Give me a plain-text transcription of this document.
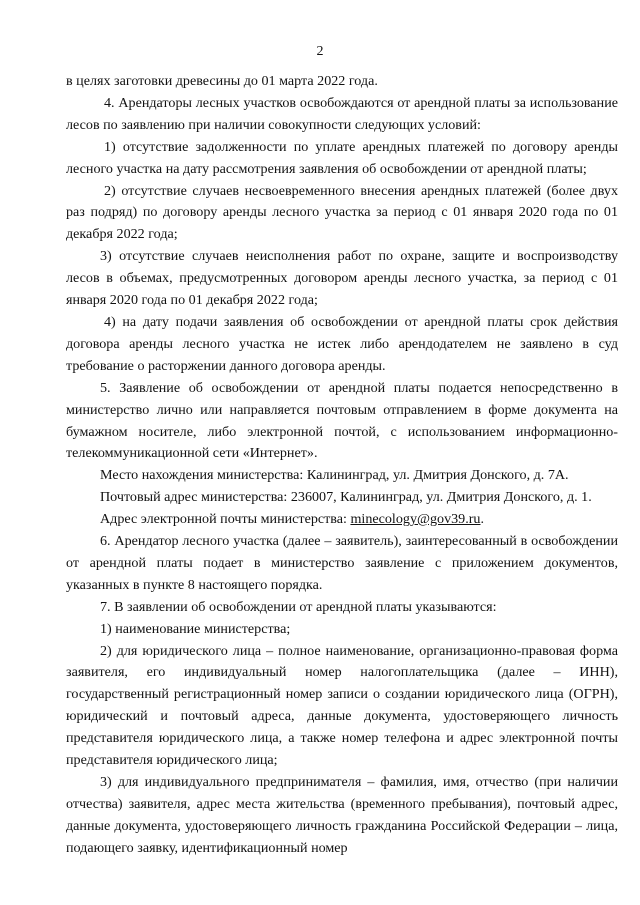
2

в целях заготовки древесины до 01 марта 2022 года.

4. Арендаторы лесных участков освобождаются от арендной платы за использование лесов по заявлению при наличии совокупности следующих условий:

1) отсутствие задолженности по уплате арендных платежей по договору аренды лесного участка на дату рассмотрения заявления об освобождении от арендной платы;

2) отсутствие случаев несвоевременного внесения арендных платежей (более двух раз подряд) по договору аренды лесного участка за период с 01 января 2020 года по 01 декабря 2022 года;

3) отсутствие случаев неисполнения работ по охране, защите и воспроизводству лесов в объемах, предусмотренных договором аренды лесного участка, за период с 01 января 2020 года по 01 декабря 2022 года;

4) на дату подачи заявления об освобождении от арендной платы срок действия договора аренды лесного участка не истек либо арендодателем не заявлено в суд требование о расторжении данного договора аренды.

5. Заявление об освобождении от арендной платы подается непосредственно в министерство лично или направляется почтовым отправлением в форме документа на бумажном носителе, либо электронной почтой, с использованием информационно-телекоммуникационной сети «Интернет».

Место нахождения министерства: Калининград, ул. Дмитрия Донского, д. 7А.

Почтовый адрес министерства: 236007, Калининград, ул. Дмитрия Донского, д. 1.

Адрес электронной почты министерства: minecology@gov39.ru.

6. Арендатор лесного участка (далее – заявитель), заинтересованный в освобождении от арендной платы подает в министерство заявление с приложением документов, указанных в пункте 8 настоящего порядка.

7. В заявлении об освобождении от арендной платы указываются:

1) наименование министерства;

2) для юридического лица – полное наименование, организационно-правовая форма заявителя, его индивидуальный номер налогоплательщика (далее – ИНН), государственный регистрационный номер записи о создании юридического лица (ОГРН), юридический и почтовый адреса, данные документа, удостоверяющего личность представителя юридического лица, а также номер телефона и адрес электронной почты представителя юридического лица;

3) для индивидуального предпринимателя – фамилия, имя, отчество (при наличии отчества) заявителя, адрес места жительства (временного пребывания), почтовый адрес, данные документа, удостоверяющего личность гражданина Российской Федерации – лица, подающего заявку, идентификационный номер
